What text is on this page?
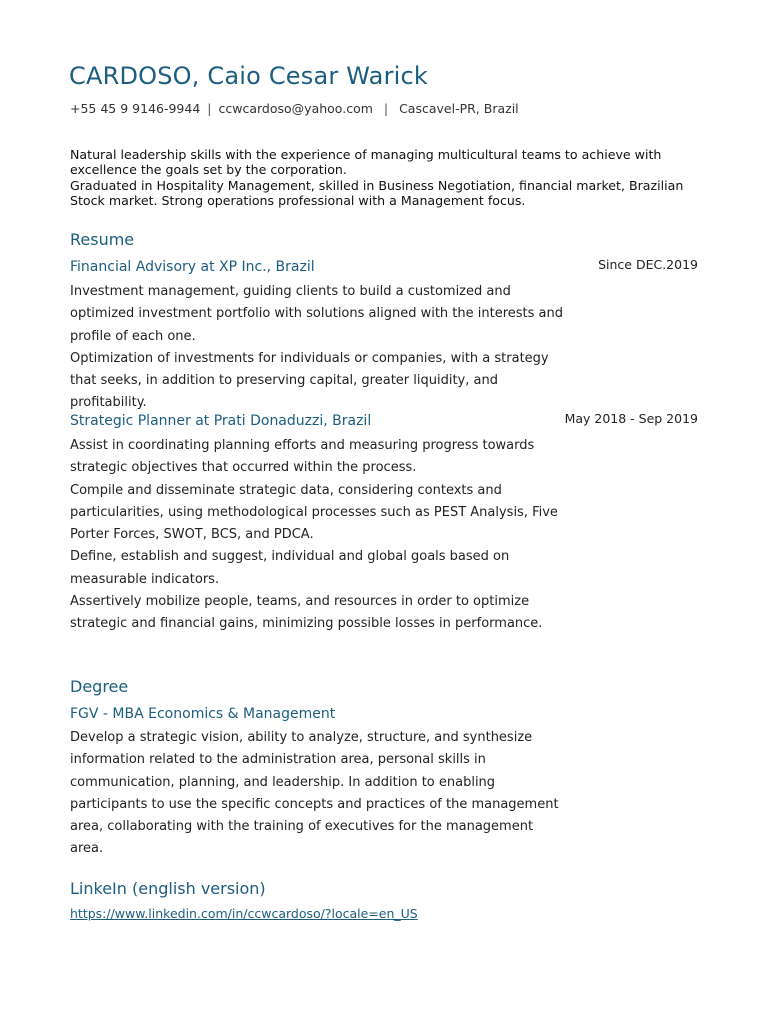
CARDOSO, Caio Cesar Warick
+55 45 9 9146-9944 | ccwcardoso@yahoo.com | Cascavel-PR, Brazil
Natural leadership skills with the experience of managing multicultural teams to achieve with excellence the goals set by the corporation.
Graduated in Hospitality Management, skilled in Business Negotiation, financial market, Brazilian Stock market. Strong operations professional with a Management focus.
Resume
Financial Advisory at XP Inc., Brazil	Since DEC.2019

Investment management, guiding clients to build a customized and optimized investment portfolio with solutions aligned with the interests and profile of each one.

Optimization of investments for individuals or companies, with a strategy that seeks, in addition to preserving capital, greater liquidity, and profitability.

Strategic Planner at Prati Donaduzzi, Brazil	May 2018 - Sep 2019

Assist in coordinating planning efforts and measuring progress towards strategic objectives that occurred within the process.

Compile and disseminate strategic data, considering contexts and particularities, using methodological processes such as PEST Analysis, Five Porter Forces, SWOT, BCS, and PDCA.

Define, establish and suggest, individual and global goals based on measurable indicators.

Assertively mobilize people, teams, and resources in order to optimize strategic and financial gains, minimizing possible losses in performance.

Degree
FGV - MBA Economics & Management

Develop a strategic vision, ability to analyze, structure, and synthesize information related to the administration area, personal skills in communication, planning, and leadership. In addition to enabling participants to use the specific concepts and practices of the management area, collaborating with the training of executives for the management area.

LinkeIn (english version)
https://www.linkedin.com/in/ccwcardoso/?locale=en_US
